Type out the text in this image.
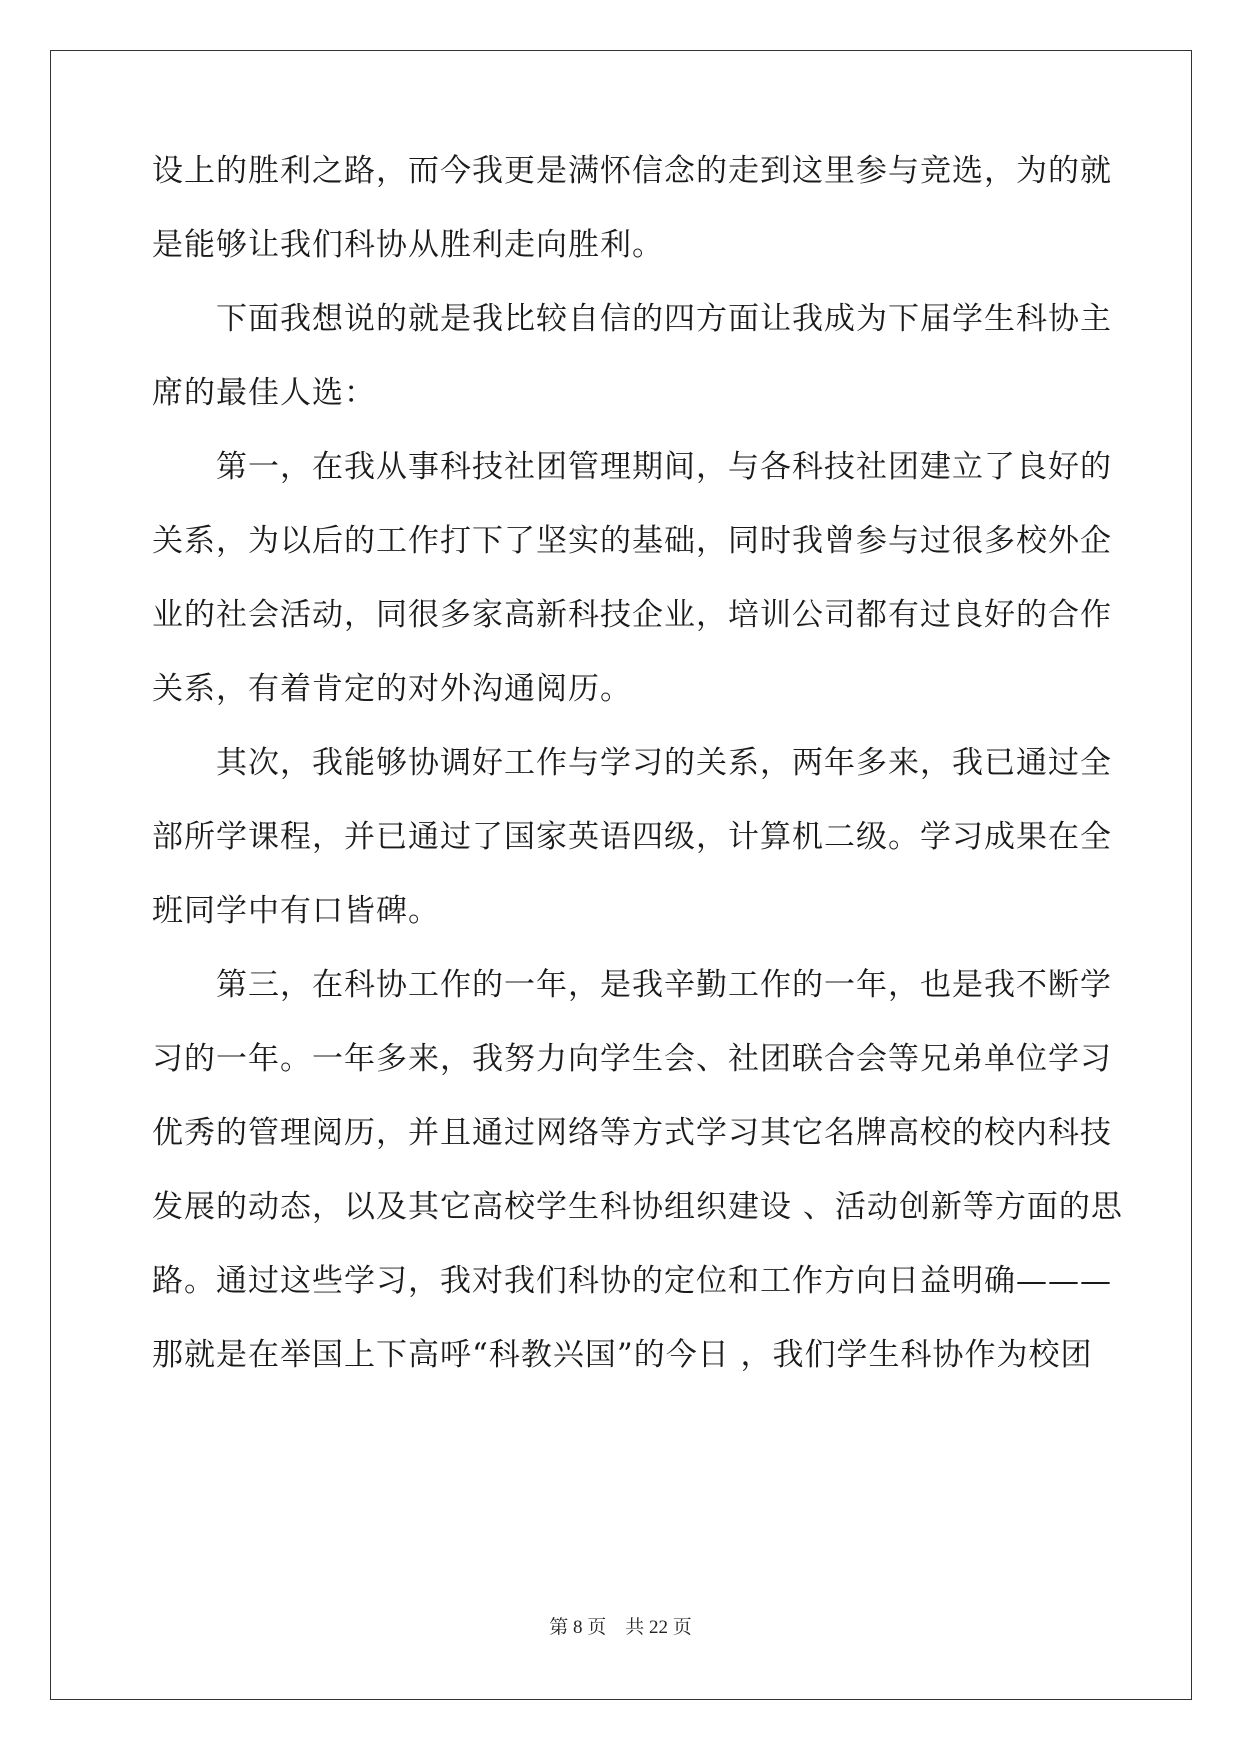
设上的胜利之路，而今我更是满怀信念的走到这里参与竞选，为的就
是能够让我们科协从胜利走向胜利。
下面我想说的就是我比较自信的四方面让我成为下届学生科协主
席的最佳人选：
第一，在我从事科技社团管理期间，与各科技社团建立了良好的
关系，为以后的工作打下了坚实的基础，同时我曾参与过很多校外企
业的社会活动，同很多家高新科技企业，培训公司都有过良好的合作
关系，有着肯定的对外沟通阅历。
其次，我能够协调好工作与学习的关系，两年多来，我已通过全
部所学课程，并已通过了国家英语四级，计算机二级。学习成果在全
班同学中有口皆碑。
第三，在科协工作的一年，是我辛勤工作的一年，也是我不断学
习的一年。一年多来，我努力向学生会、社团联合会等兄弟单位学习
优秀的管理阅历，并且通过网络等方式学习其它名牌高校的校内科技
发展的动态，以及其它高校学生科协组织建设 、活动创新等方面的思
路。通过这些学习，我对我们科协的定位和工作方向日益明确———
那就是在举国上下高呼“科教兴国”的今日 ，我们学生科协作为校团
第 8 页 共 22 页
